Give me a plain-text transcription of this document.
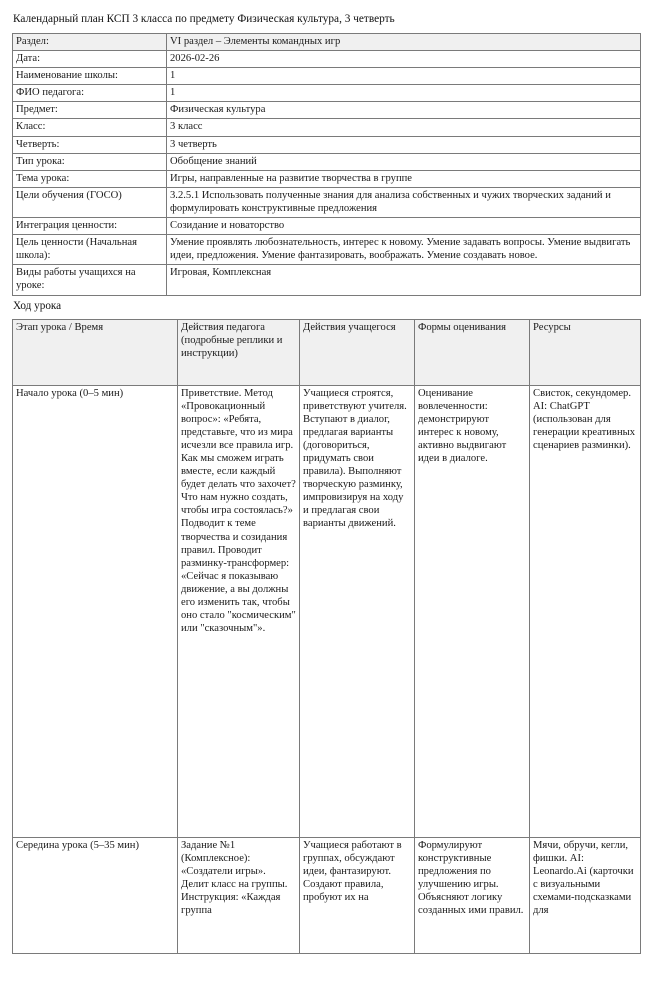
Календарный план КСП 3 класса по предмету Физическая культура, 3 четверть
Раздел:	VI раздел – Элементы командных игр
Дата:	2026-02-26
Наименование школы:	1
ФИО педагога:	1
Предмет:	Физическая культура
Класс:	3 класс
Четверть:	3 четверть
Тип урока:	Обобщение знаний
Тема урока:	Игры, направленные на развитие творчества в группе
Цели обучения (ГОСО)	3.2.5.1 Использовать полученные знания для анализа собственных и чужих творческих заданий и формулировать конструктивные предложения
Интеграция ценности:	Созидание и новаторство
Цель ценности (Начальная школа):	Умение проявлять любознательность, интерес к новому. Умение задавать вопросы. Умение выдвигать идеи, предложения. Умение фантазировать, воображать. Умение создавать новое.
Виды работы учащихся на уроке:	Игровая, Комплексная
Ход урока
Этап урока / Время	Действия педагога (подробные реплики и инструкции)	Действия учащегося	Формы оценивания	Ресурсы
Начало урока (0–5 мин)	Приветствие. Метод «Провокационный вопрос»: «Ребята, представьте, что из мира исчезли все правила игр. Как мы сможем играть вместе, если каждый будет делать что захочет? Что нам нужно создать, чтобы игра состоялась?» Подводит к теме творчества и созидания правил. Проводит разминку-трансформер: «Сейчас я показываю движение, а вы должны его изменить так, чтобы оно стало "космическим" или "сказочным"».	Учащиеся строятся, приветствуют учителя. Вступают в диалог, предлагая варианты (договориться, придумать свои правила). Выполняют творческую разминку, импровизируя на ходу и предлагая свои варианты движений.	Оценивание вовлеченности: демонстрируют интерес к новому, активно выдвигают идеи в диалоге.	Свисток, секундомер. AI: ChatGPT (использован для генерации креативных сценариев разминки).
Середина урока (5–35 мин)	Задание №1 (Комплексное): «Создатели игры». Делит класс на группы. Инструкция: «Каждая группа	Учащиеся работают в группах, обсуждают идеи, фантазируют. Создают правила, пробуют их на	Формулируют конструктивные предложения по улучшению игры. Объясняют логику созданных ими правил.	Мячи, обручи, кегли, фишки. AI: Leonardo.Ai (карточки с визуальными схемами-подсказками для
